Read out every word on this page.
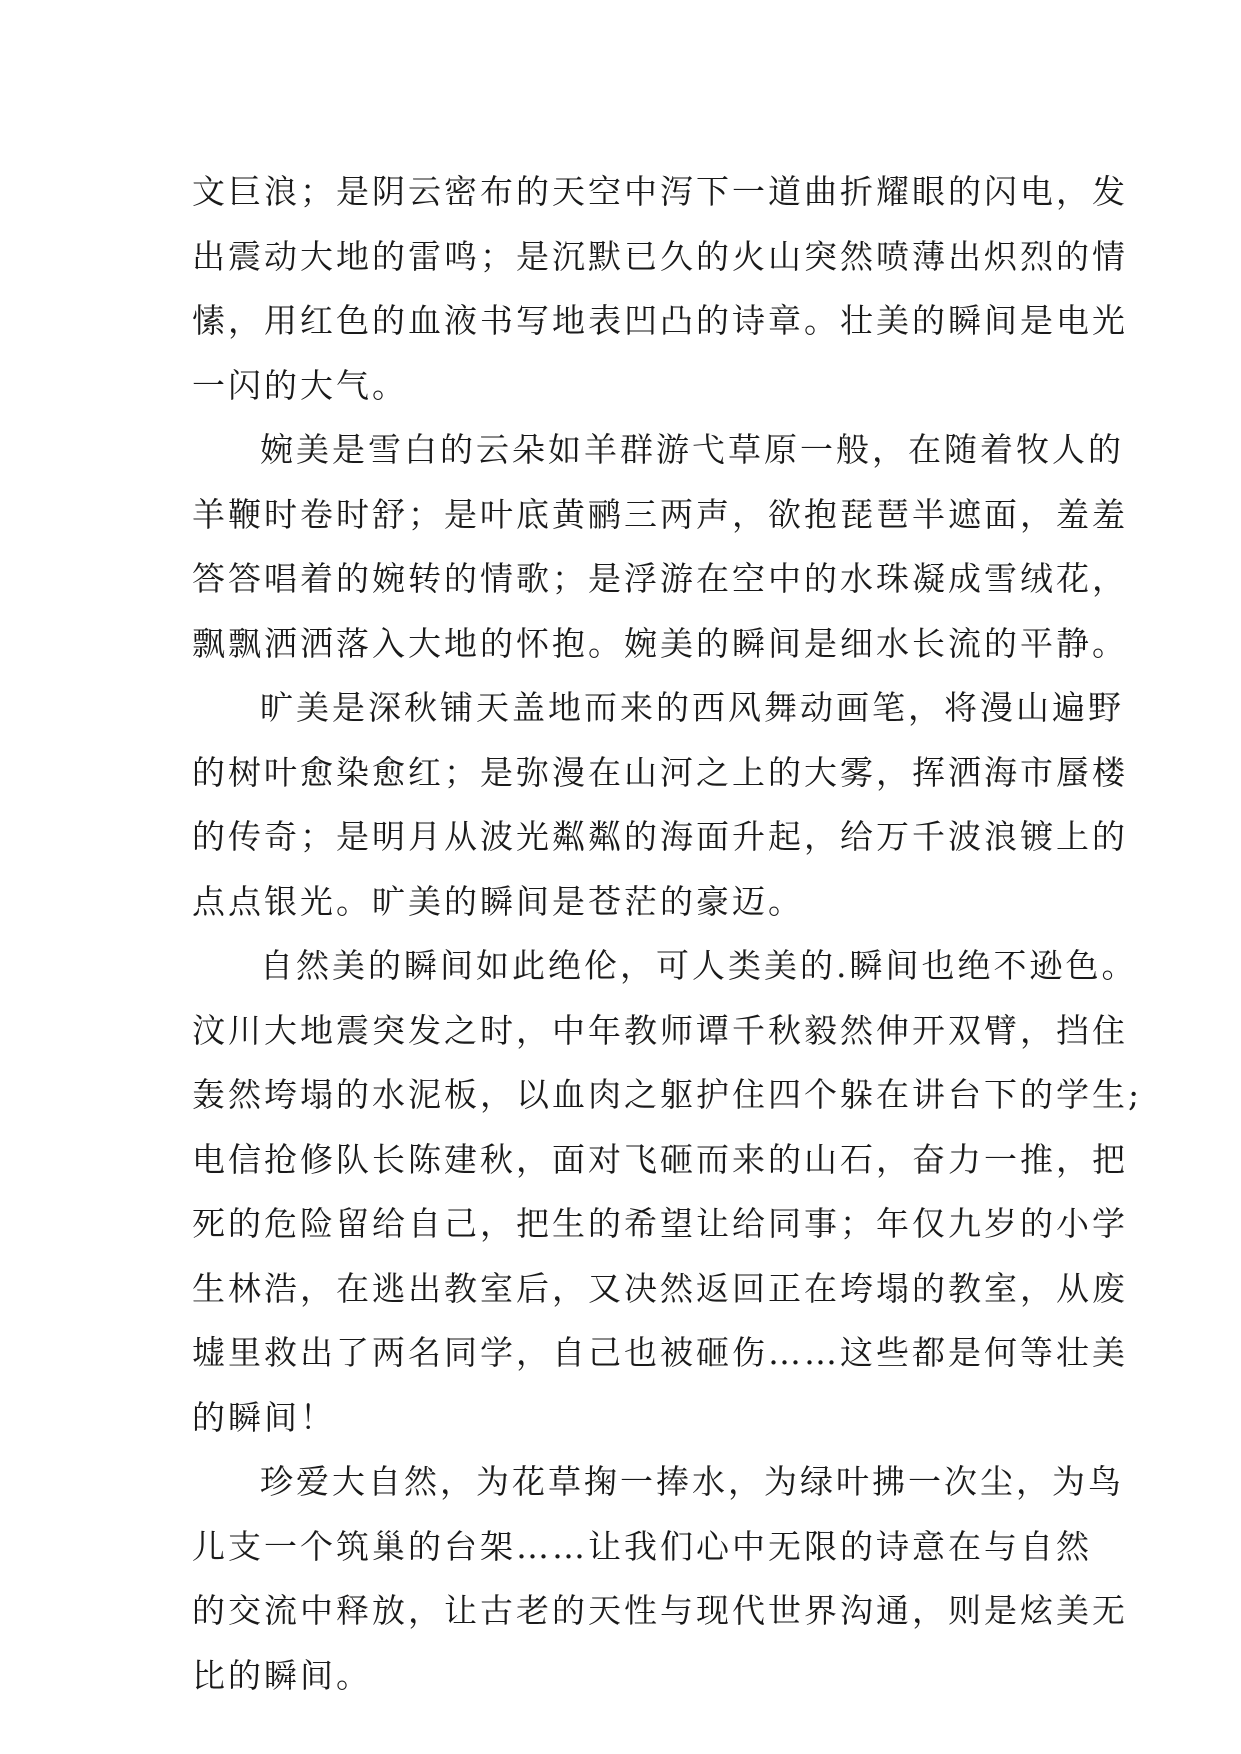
文巨浪；是阴云密布的天空中泻下一道曲折耀眼的闪电，发
出震动大地的雷鸣；是沉默已久的火山突然喷薄出炽烈的情
愫，用红色的血液书写地表凹凸的诗章。壮美的瞬间是电光
一闪的大气。
婉美是雪白的云朵如羊群游弋草原一般，在随着牧人的
羊鞭时卷时舒；是叶底黄鹂三两声，欲抱琵琶半遮面，羞羞
答答唱着的婉转的情歌；是浮游在空中的水珠凝成雪绒花，
飘飘洒洒落入大地的怀抱。婉美的瞬间是细水长流的平静。
旷美是深秋铺天盖地而来的西风舞动画笔，将漫山遍野
的树叶愈染愈红；是弥漫在山河之上的大雾，挥洒海市蜃楼
的传奇；是明月从波光粼粼的海面升起，给万千波浪镀上的
点点银光。旷美的瞬间是苍茫的豪迈。
自然美的瞬间如此绝伦，可人类美的.瞬间也绝不逊色。
汶川大地震突发之时，中年教师谭千秋毅然伸开双臂，挡住
轰然垮塌的水泥板，以血肉之躯护住四个躲在讲台下的学生;
电信抢修队长陈建秋，面对飞砸而来的山石，奋力一推，把
死的危险留给自己，把生的希望让给同事；年仅九岁的小学
生林浩，在逃出教室后，又决然返回正在垮塌的教室，从废
墟里救出了两名同学，自己也被砸伤……这些都是何等壮美
的瞬间！
珍爱大自然，为花草掬一捧水，为绿叶拂一次尘，为鸟
儿支一个筑巢的台架……让我们心中无限的诗意在与自然
的交流中释放，让古老的天性与现代世界沟通，则是炫美无
比的瞬间。
